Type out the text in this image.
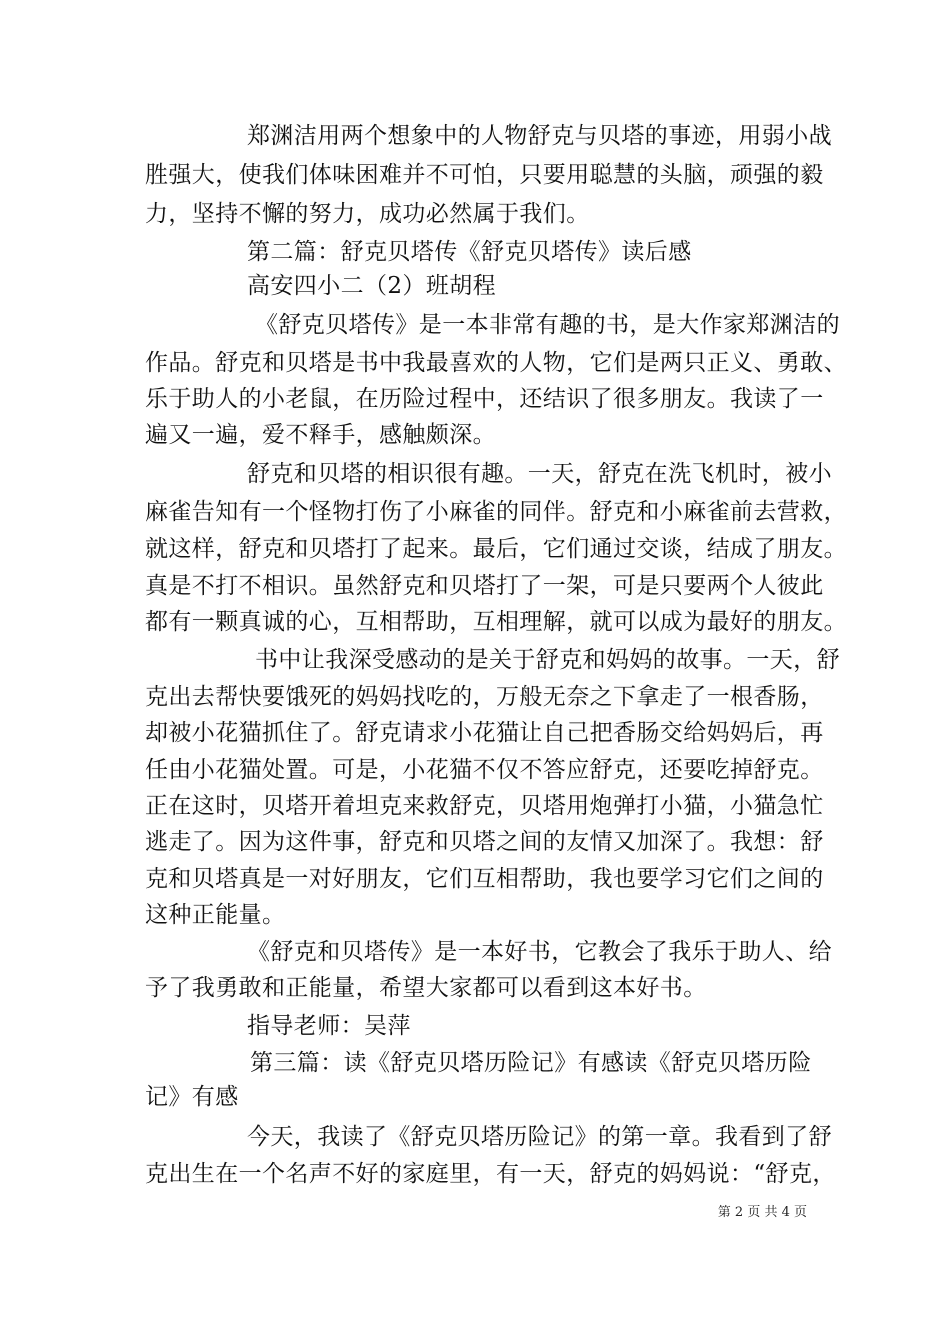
郑渊洁用两个想象中的人物舒克与贝塔的事迹，用弱小战
胜强大，使我们体味困难并不可怕，只要用聪慧的头脑，顽强的毅
力，坚持不懈的努力，成功必然属于我们。
第二篇：舒克贝塔传《舒克贝塔传》读后感
高安四小二（2）班胡程
《舒克贝塔传》是一本非常有趣的书，是大作家郑渊洁的
作品。舒克和贝塔是书中我最喜欢的人物，它们是两只正义、勇敢、
乐于助人的小老鼠，在历险过程中，还结识了很多朋友。我读了一
遍又一遍，爱不释手，感触颇深。
舒克和贝塔的相识很有趣。一天，舒克在洗飞机时，被小
麻雀告知有一个怪物打伤了小麻雀的同伴。舒克和小麻雀前去营救，
就这样，舒克和贝塔打了起来。最后，它们通过交谈，结成了朋友。
真是不打不相识。虽然舒克和贝塔打了一架，可是只要两个人彼此
都有一颗真诚的心，互相帮助，互相理解，就可以成为最好的朋友。
书中让我深受感动的是关于舒克和妈妈的故事。一天，舒
克出去帮快要饿死的妈妈找吃的，万般无奈之下拿走了一根香肠，
却被小花猫抓住了。舒克请求小花猫让自己把香肠交给妈妈后，再
任由小花猫处置。可是，小花猫不仅不答应舒克，还要吃掉舒克。
正在这时，贝塔开着坦克来救舒克，贝塔用炮弹打小猫，小猫急忙
逃走了。因为这件事，舒克和贝塔之间的友情又加深了。我想：舒
克和贝塔真是一对好朋友，它们互相帮助，我也要学习它们之间的
这种正能量。
《舒克和贝塔传》是一本好书，它教会了我乐于助人、给
予了我勇敢和正能量，希望大家都可以看到这本好书。
指导老师：吴萍
第三篇：读《舒克贝塔历险记》有感读《舒克贝塔历险
记》有感
今天，我读了《舒克贝塔历险记》的第一章。我看到了舒
克出生在一个名声不好的家庭里，有一天，舒克的妈妈说：“舒克，
第 2 页 共 4 页
